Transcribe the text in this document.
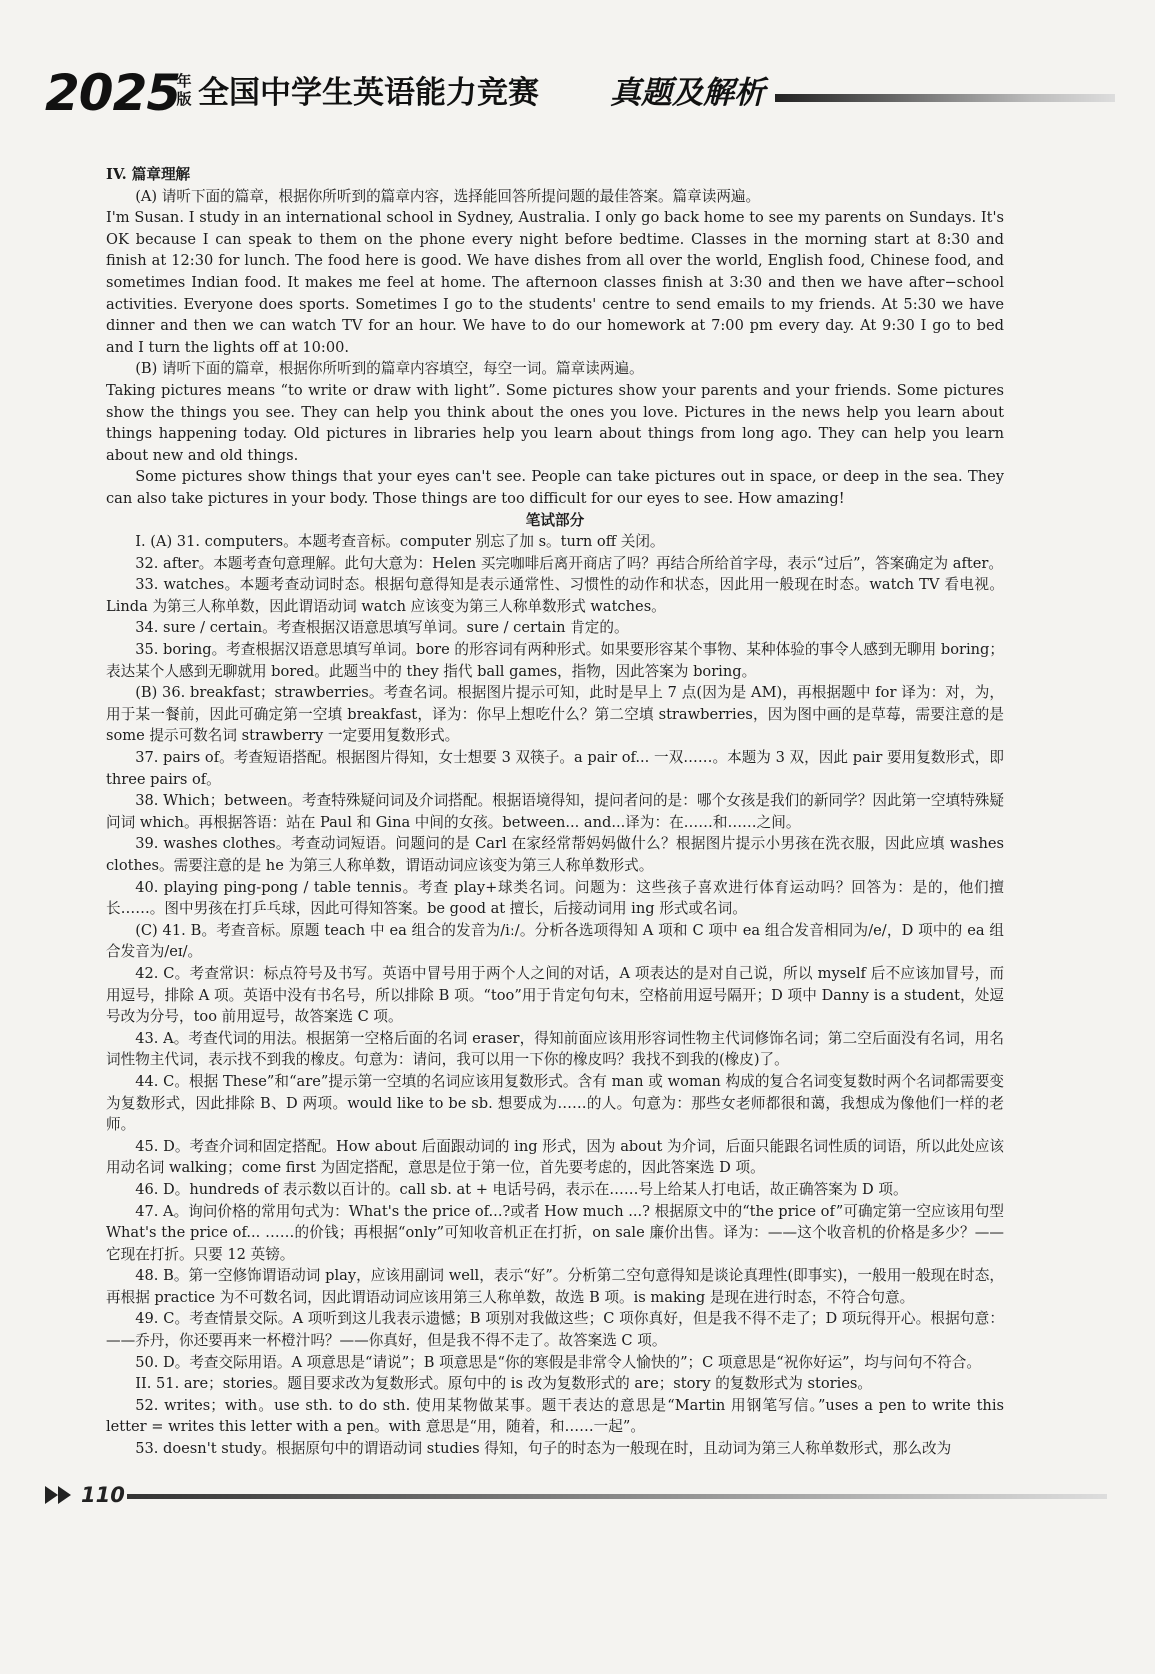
2025
年版 全国中学生英语能力竞赛 真题及解析

IV. 篇章理解

(A) 请听下面的篇章，根据你所听到的篇章内容，选择能回答所提问题的最佳答案。篇章读两遍。

I'm Susan. I study in an international school in Sydney, Australia. I only go back home to see my parents on Sundays. It's OK because I can speak to them on the phone every night before bedtime. Classes in the morning start at 8:30 and finish at 12:30 for lunch. The food here is good. We have dishes from all over the world, English food, Chinese food, and sometimes Indian food. It makes me feel at home. The afternoon classes finish at 3:30 and then we have after−school activities. Everyone does sports. Sometimes I go to the students' centre to send emails to my friends. At 5:30 we have dinner and then we can watch TV for an hour. We have to do our homework at 7:00 pm every day. At 9:30 I go to bed and I turn the lights off at 10:00.

(B) 请听下面的篇章，根据你所听到的篇章内容填空，每空一词。篇章读两遍。

Taking pictures means “to write or draw with light”. Some pictures show your parents and your friends. Some pictures show the things you see. They can help you think about the ones you love. Pictures in the news help you learn about things happening today. Old pictures in libraries help you learn about things from long ago. They can help you learn about new and old things.

Some pictures show things that your eyes can't see. People can take pictures out in space, or deep in the sea. They can also take pictures in your body. Those things are too difficult for our eyes to see. How amazing!

笔试部分

I. (A) 31. computers。本题考查音标。computer 别忘了加 s。turn off 关闭。

32. after。本题考查句意理解。此句大意为：Helen 买完咖啡后离开商店了吗？再结合所给首字母，表示“过后”，答案确定为 after。

33. watches。本题考查动词时态。根据句意得知是表示通常性、习惯性的动作和状态，因此用一般现在时态。watch TV 看电视。Linda 为第三人称单数，因此谓语动词 watch 应该变为第三人称单数形式 watches。

34. sure / certain。考查根据汉语意思填写单词。sure / certain 肯定的。

35. boring。考查根据汉语意思填写单词。bore 的形容词有两种形式。如果要形容某个事物、某种体验的事令人感到无聊用 boring；表达某个人感到无聊就用 bored。此题当中的 they 指代 ball games，指物，因此答案为 boring。

(B) 36. breakfast；strawberries。考查名词。根据图片提示可知，此时是早上 7 点(因为是 AM)，再根据题中 for 译为：对，为，用于某一餐前，因此可确定第一空填 breakfast，译为：你早上想吃什么？第二空填 strawberries，因为图中画的是草莓，需要注意的是 some 提示可数名词 strawberry 一定要用复数形式。

37. pairs of。考查短语搭配。根据图片得知，女士想要 3 双筷子。a pair of... 一双……。本题为 3 双，因此 pair 要用复数形式，即 three pairs of。

38. Which；between。考查特殊疑问词及介词搭配。根据语境得知，提问者问的是：哪个女孩是我们的新同学？因此第一空填特殊疑问词 which。再根据答语：站在 Paul 和 Gina 中间的女孩。between... and...译为：在……和……之间。

39. washes clothes。考查动词短语。问题问的是 Carl 在家经常帮妈妈做什么？根据图片提示小男孩在洗衣服，因此应填 washes clothes。需要注意的是 he 为第三人称单数，谓语动词应该变为第三人称单数形式。

40. playing ping-pong / table tennis。考查 play+球类名词。问题为：这些孩子喜欢进行体育运动吗？回答为：是的，他们擅长……。图中男孩在打乒乓球，因此可得知答案。be good at 擅长，后接动词用 ing 形式或名词。

(C) 41. B。考查音标。原题 teach 中 ea 组合的发音为/iː/。分析各选项得知 A 项和 C 项中 ea 组合发音相同为/e/，D 项中的 ea 组合发音为/eɪ/。

42. C。考查常识：标点符号及书写。英语中冒号用于两个人之间的对话，A 项表达的是对自己说，所以 myself 后不应该加冒号，而用逗号，排除 A 项。英语中没有书名号，所以排除 B 项。“too”用于肯定句句末，空格前用逗号隔开；D 项中 Danny is a student，处逗号改为分号，too 前用逗号，故答案选 C 项。

43. A。考查代词的用法。根据第一空格后面的名词 eraser，得知前面应该用形容词性物主代词修饰名词；第二空后面没有名词，用名词性物主代词，表示找不到我的橡皮。句意为：请问，我可以用一下你的橡皮吗？我找不到我的(橡皮)了。

44. C。根据 These”和“are”提示第一空填的名词应该用复数形式。含有 man 或 woman 构成的复合名词变复数时两个名词都需要变为复数形式，因此排除 B、D 两项。would like to be sb. 想要成为……的人。句意为：那些女老师都很和蔼，我想成为像他们一样的老师。

45. D。考查介词和固定搭配。How about 后面跟动词的 ing 形式，因为 about 为介词，后面只能跟名词性质的词语，所以此处应该用动名词 walking；come first 为固定搭配，意思是位于第一位，首先要考虑的，因此答案选 D 项。

46. D。hundreds of 表示数以百计的。call sb. at + 电话号码，表示在……号上给某人打电话，故正确答案为 D 项。

47. A。询问价格的常用句式为：What's the price of...?或者 How much ...? 根据原文中的“the price of”可确定第一空应该用句型 What's the price of... ……的价钱；再根据“only”可知收音机正在打折，on sale 廉价出售。译为：——这个收音机的价格是多少？——它现在打折。只要 12 英镑。

48. B。第一空修饰谓语动词 play，应该用副词 well，表示“好”。分析第二空句意得知是谈论真理性(即事实)，一般用一般现在时态，再根据 practice 为不可数名词，因此谓语动词应该用第三人称单数，故选 B 项。is making 是现在进行时态，不符合句意。

49. C。考查情景交际。A 项听到这儿我表示遗憾；B 项别对我做这些；C 项你真好，但是我不得不走了；D 项玩得开心。根据句意：——乔丹，你还要再来一杯橙汁吗？——你真好，但是我不得不走了。故答案选 C 项。

50. D。考查交际用语。A 项意思是“请说”；B 项意思是“你的寒假是非常令人愉快的”；C 项意思是“祝你好运”，均与问句不符合。

II. 51. are；stories。题目要求改为复数形式。原句中的 is 改为复数形式的 are；story 的复数形式为 stories。

52. writes；with。use sth. to do sth. 使用某物做某事。题干表达的意思是“Martin 用钢笔写信。”uses a pen to write this letter = writes this letter with a pen。with 意思是“用，随着，和……一起”。

53. doesn't study。根据原句中的谓语动词 studies 得知，句子的时态为一般现在时，且动词为第三人称单数形式，那么改为

110
